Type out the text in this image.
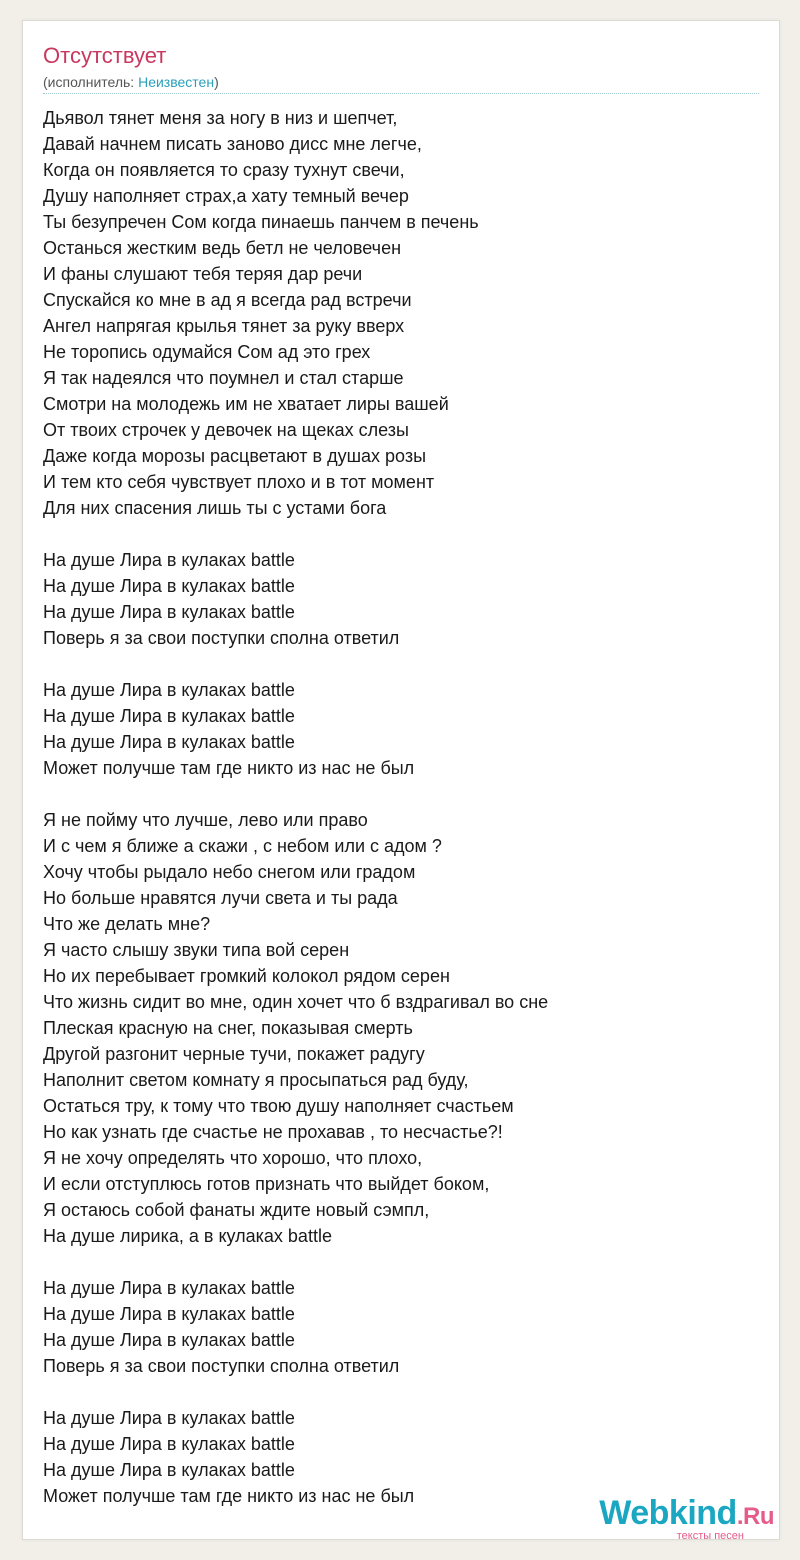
Отсутствует
(исполнитель: Неизвестен)
Дьявол тянет меня за ногу в низ и шепчет,
Давай начнем писать заново дисс мне легче,
Когда он появляется то сразу тухнут свечи,
Душу наполняет страх,а хату темный вечер
Ты безупречен Сом когда пинаешь панчем в печень
Останься жестким ведь бетл не человечен
И фаны слушают тебя теряя дар речи
Спускайся ко мне в ад я всегда рад встречи
Ангел напрягая крылья тянет за руку вверх
Не торопись одумайся Сом ад это грех
Я так надеялся что поумнел и стал старше
Смотри на молодежь им не хватает лиры вашей
От твоих строчек у девочек на щеках слезы
Даже когда морозы расцветают в душах розы
И тем кто себя чувствует плохо и в тот момент
Для них спасения лишь ты с устами бога
На душе Лира в кулаках battle
На душе Лира в кулаках battle
На душе Лира в кулаках battle
Поверь я за свои поступки сполна ответил
На душе Лира в кулаках battle
На душе Лира в кулаках battle
На душе Лира в кулаках battle
Может получше там где никто из нас не был
Я не пойму что лучше, лево или право
И с чем я ближе а скажи , с небом или с адом ?
Хочу чтобы рыдало небо снегом или градом
Но больше нравятся лучи света и ты рада
Что же делать мне?
Я часто слышу звуки типа вой серен
Но их перебывает громкий колокол рядом серен
Что жизнь сидит во мне, один хочет что б вздрагивал во сне
Плеская красную на снег, показывая смерть
Другой разгонит черные тучи, покажет радугу
Наполнит светом комнату я просыпаться рад буду,
Остаться тру, к тому что твою душу наполняет счастьем
Но как узнать где счастье не прохавав , то несчастье?!
Я не хочу определять что хорошо, что плохо,
И если отступлюсь готов признать что выйдет боком,
Я остаюсь собой фанаты ждите новый сэмпл,
На душе лирика, а в кулаках battle
На душе Лира в кулаках battle
На душе Лира в кулаках battle
На душе Лира в кулаках battle
Поверь я за свои поступки сполна ответил
На душе Лира в кулаках battle
На душе Лира в кулаках battle
На душе Лира в кулаках battle
Может получше там где никто из нас не был	Webkind.Ru
тексты песен
